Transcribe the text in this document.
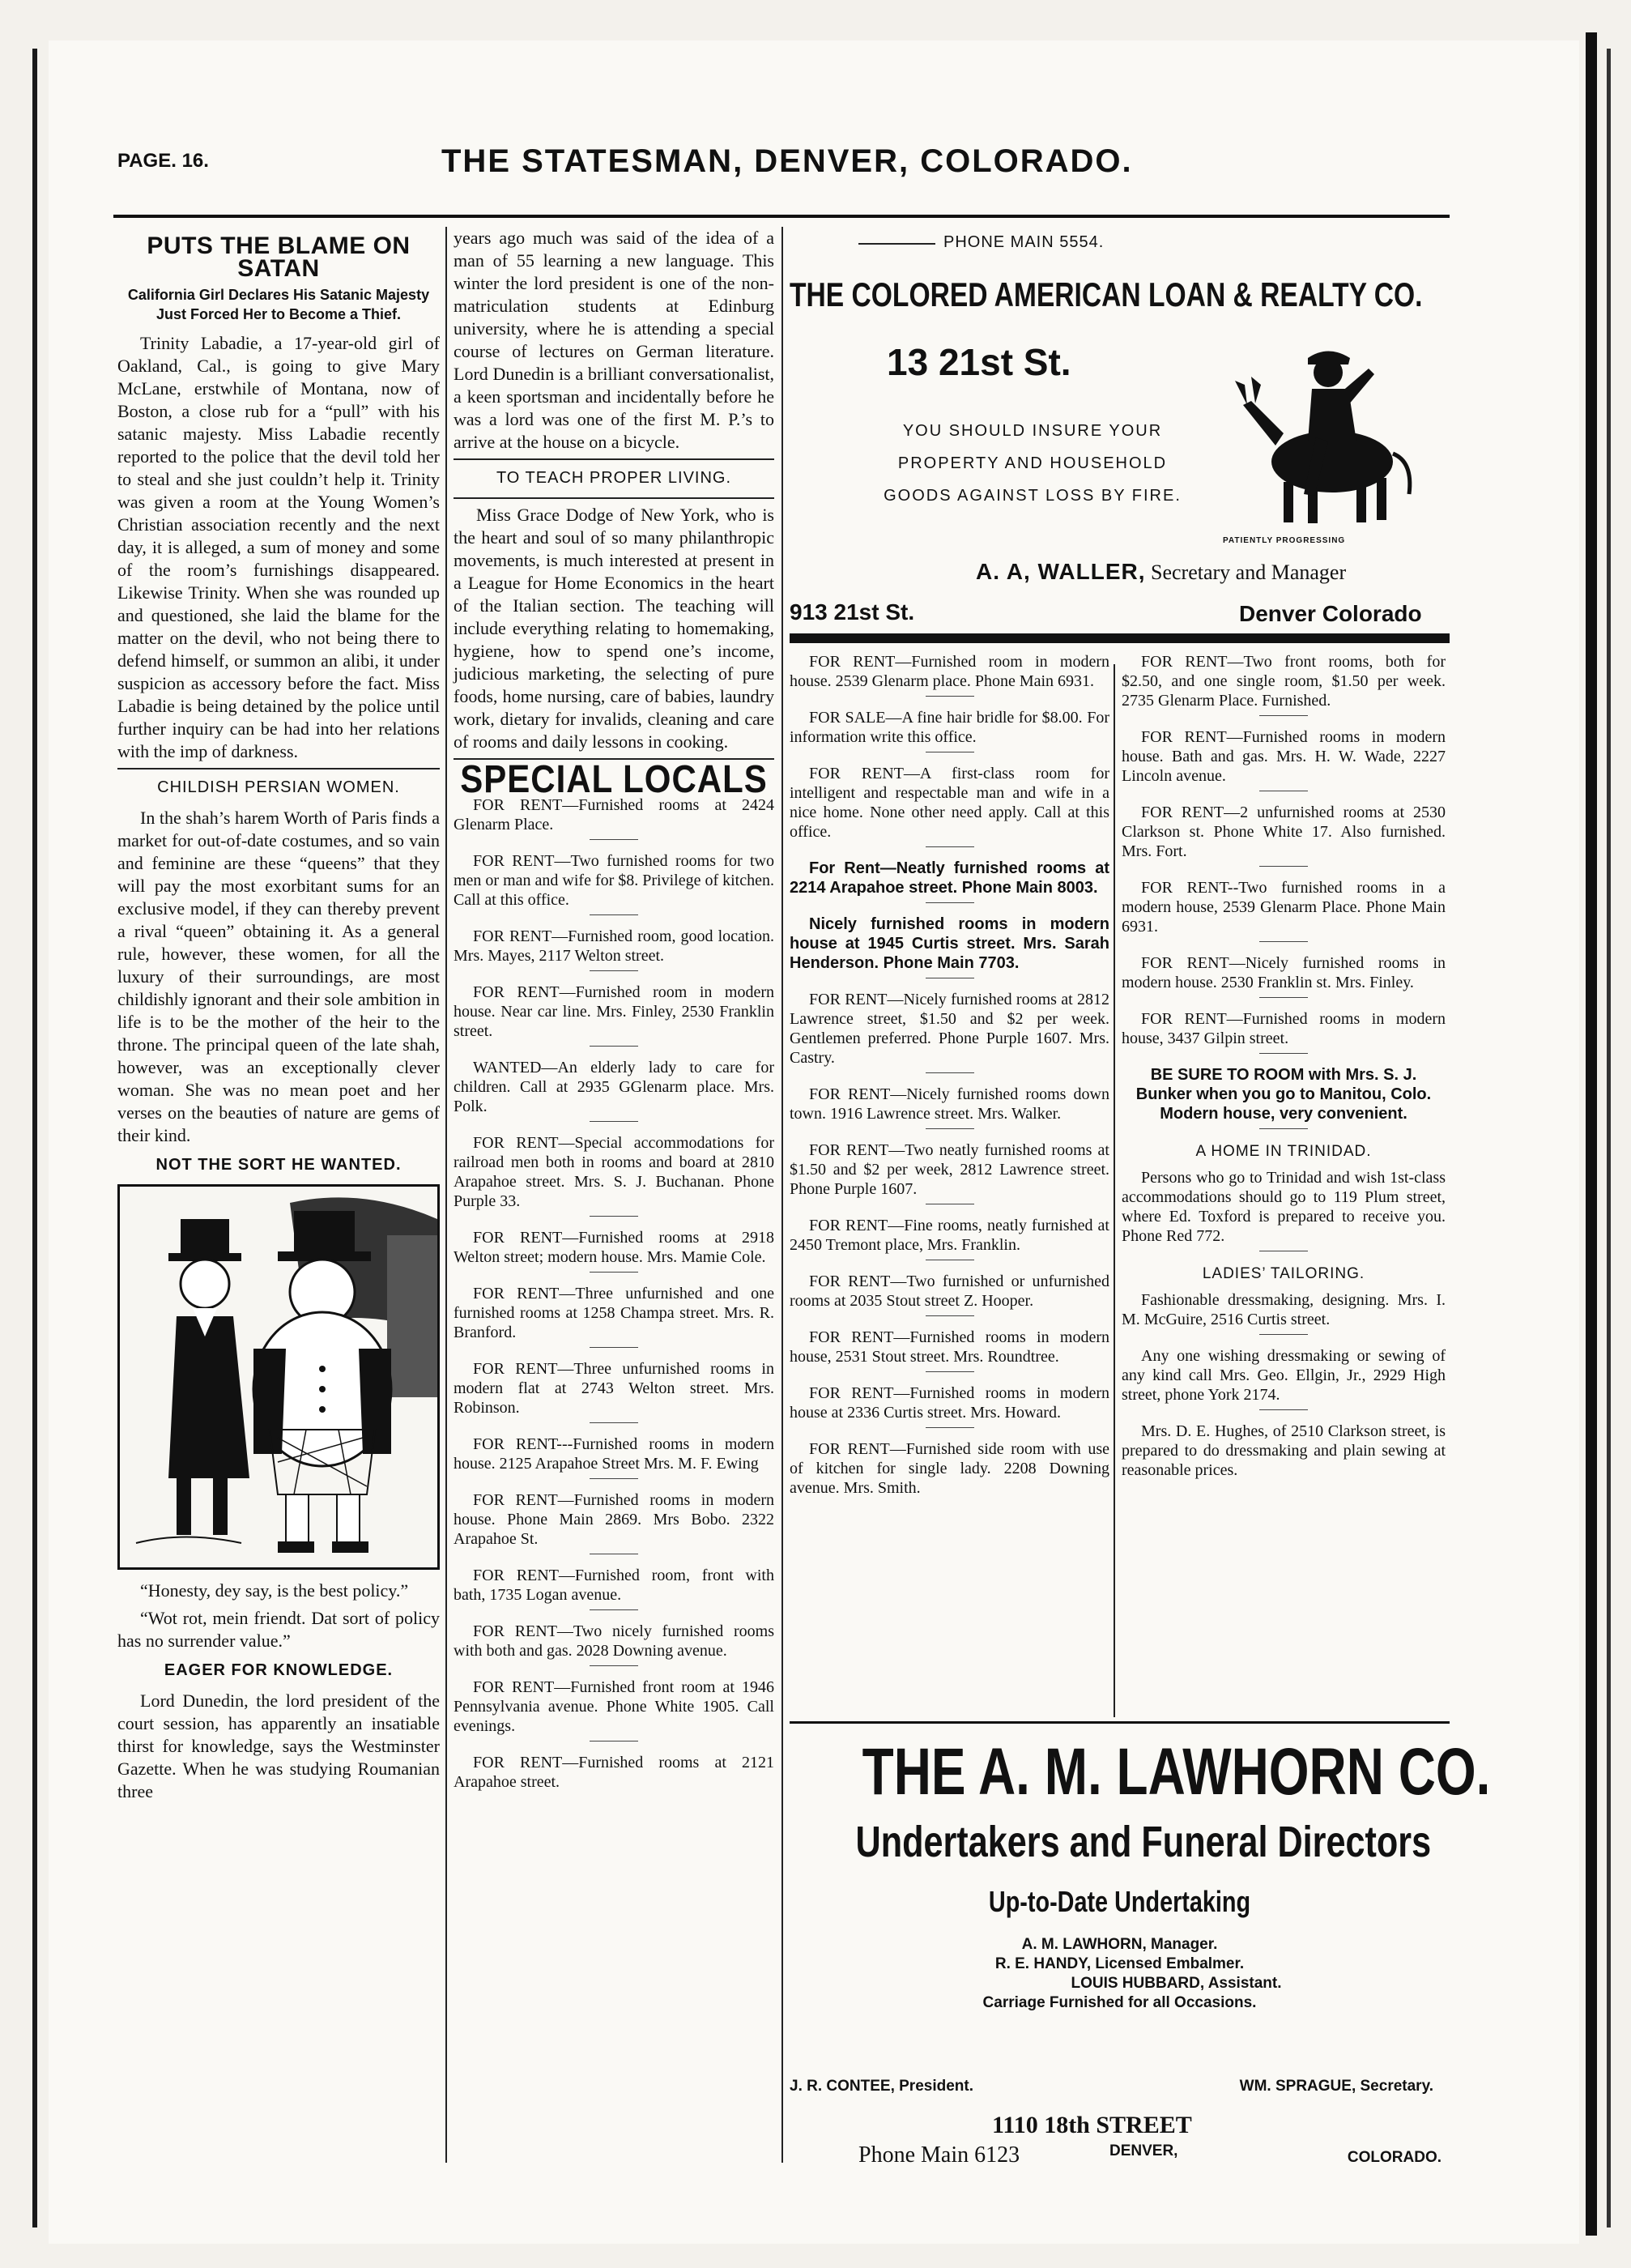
PAGE. 16.	THE STATESMAN, DENVER, COLORADO.
PUTS THE BLAME ON SATAN
California Girl Declares His Satanic Majesty Just Forced Her to Become a Thief.

Trinity Labadie, a 17-year-old girl of Oakland, Cal., is going to give Mary McLane, erstwhile of Montana, now of Boston, a close rub for a “pull” with his satanic majesty. Miss Labadie recently reported to the police that the devil told her to steal and she just couldn’t help it. Trinity was given a room at the Young Women’s Christian association recently and the next day, it is alleged, a sum of money and some of the room’s furnishings disappeared. Likewise Trinity. When she was rounded up and questioned, she laid the blame for the matter on the devil, who not being there to defend himself, or summon an alibi, it under suspicion as accessory before the fact. Miss Labadie is being detained by the police until further inquiry can be had into her relations with the imp of darkness.

CHILDISH PERSIAN WOMEN.

In the shah’s harem Worth of Paris finds a market for out-of-date costumes, and so vain and feminine are these “queens” that they will pay the most exorbitant sums for an exclusive model, if they can thereby prevent a rival “queen” obtaining it. As a general rule, however, these women, for all the luxury of their surroundings, are most childishly ignorant and their sole ambition in life is to be the mother of the heir to the throne. The principal queen of the late shah, however, was an exceptionally clever woman. She was no mean poet and her verses on the beauties of nature are gems of their kind.

NOT THE SORT HE WANTED.

“Honesty, dey say, is the best policy.”

“Wot rot, mein friendt. Dat sort of policy has no surrender value.”

EAGER FOR KNOWLEDGE.

Lord Dunedin, the lord president of the court session, has apparently an insatiable thirst for knowledge, says the Westminster Gazette. When he was studying Roumanian three

years ago much was said of the idea of a man of 55 learning a new language. This winter the lord president is one of the non-matriculation students at Edinburg university, where he is attending a special course of lectures on German literature. Lord Dunedin is a brilliant conversationalist, a keen sportsman and incidentally before he was a lord was one of the first M. P.’s to arrive at the house on a bicycle.

TO TEACH PROPER LIVING.

Miss Grace Dodge of New York, who is the heart and soul of so many philanthropic movements, is much interested at present in a League for Home Economics in the heart of the Italian section. The teaching will include everything relating to homemaking, hygiene, how to spend one’s income, judicious marketing, the selecting of pure foods, home nursing, care of babies, laundry work, dietary for invalids, cleaning and care of rooms and daily lessons in cooking.

SPECIAL LOCALS
FOR RENT—Furnished rooms at 2424 Glenarm Place.
FOR RENT—Two furnished rooms for two men or man and wife for $8. Privilege of kitchen. Call at this office.
FOR RENT—Furnished room, good location. Mrs. Mayes, 2117 Welton street.
FOR RENT—Furnished room in modern house. Near car line. Mrs. Finley, 2530 Franklin street.
WANTED—An elderly lady to care for children. Call at 2935 GGlenarm place. Mrs. Polk.
FOR RENT—Special accommodations for railroad men both in rooms and board at 2810 Arapahoe street. Mrs. S. J. Buchanan. Phone Purple 33.
FOR RENT—Furnished rooms at 2918 Welton street; modern house. Mrs. Mamie Cole.
FOR RENT—Three unfurnished and one furnished rooms at 1258 Champa street. Mrs. R. Branford.
FOR RENT—Three unfurnished rooms in modern flat at 2743 Welton street. Mrs. Robinson.
FOR RENT---Furnished rooms in modern house. 2125 Arapahoe Street Mrs. M. F. Ewing
FOR RENT—Furnished rooms in modern house. Phone Main 2869. Mrs Bobo. 2322 Arapahoe St.
FOR RENT—Furnished room, front with bath, 1735 Logan avenue.
FOR RENT—Two nicely furnished rooms with both and gas. 2028 Downing avenue.
FOR RENT—Furnished front room at 1946 Pennsylvania avenue. Phone White 1905. Call evenings.
FOR RENT—Furnished rooms at 2121 Arapahoe street.
PHONE MAIN 5554.
THE COLORED AMERICAN LOAN & REALTY CO.
13 21st St.
YOU SHOULD INSURE YOUR
PROPERTY AND HOUSEHOLD
GOODS AGAINST LOSS BY FIRE.
PATIENTLY PROGRESSING
A. A, WALLER, Secretary and Manager
913 21st St.	Denver Colorado
FOR RENT—Furnished room in modern house. 2539 Glenarm place. Phone Main 6931.
FOR SALE—A fine hair bridle for $8.00. For information write this office.
FOR RENT—A first-class room for intelligent and respectable man and wife in a nice home. None other need apply. Call at this office.
For Rent—Neatly furnished rooms at 2214 Arapahoe street. Phone Main 8003.
Nicely furnished rooms in modern house at 1945 Curtis street. Mrs. Sarah Henderson. Phone Main 7703.
FOR RENT—Nicely furnished rooms at 2812 Lawrence street, $1.50 and $2 per week. Gentlemen preferred. Phone Purple 1607. Mrs. Castry.
FOR RENT—Nicely furnished rooms down town. 1916 Lawrence street. Mrs. Walker.
FOR RENT—Two neatly furnished rooms at $1.50 and $2 per week, 2812 Lawrence street. Phone Purple 1607.
FOR RENT—Fine rooms, neatly furnished at 2450 Tremont place, Mrs. Franklin.
FOR RENT—Two furnished or unfurnished rooms at 2035 Stout street Z. Hooper.
FOR RENT—Furnished rooms in modern house, 2531 Stout street. Mrs. Roundtree.
FOR RENT—Furnished rooms in modern house at 2336 Curtis street. Mrs. Howard.
FOR RENT—Furnished side room with use of kitchen for single lady. 2208 Downing avenue. Mrs. Smith.
FOR RENT—Two front rooms, both for $2.50, and one single room, $1.50 per week. 2735 Glenarm Place. Furnished.
FOR RENT—Furnished rooms in modern house. Bath and gas. Mrs. H. W. Wade, 2227 Lincoln avenue.
FOR RENT—2 unfurnished rooms at 2530 Clarkson st. Phone White 17. Also furnished. Mrs. Fort.
FOR RENT--Two furnished rooms in a modern house, 2539 Glenarm Place. Phone Main 6931.
FOR RENT—Nicely furnished rooms in modern house. 2530 Franklin st. Mrs. Finley.
FOR RENT—Furnished rooms in modern house, 3437 Gilpin street.
BE SURE TO ROOM with Mrs. S. J. Bunker when you go to Manitou, Colo. Modern house, very convenient.
A HOME IN TRINIDAD.
Persons who go to Trinidad and wish 1st-class accommodations should go to 119 Plum street, where Ed. Toxford is prepared to receive you. Phone Red 772.
LADIES’ TAILORING.
Fashionable dressmaking, designing. Mrs. I. M. McGuire, 2516 Curtis street.
Any one wishing dressmaking or sewing of any kind call Mrs. Geo. Ellgin, Jr., 2929 High street, phone York 2174.
Mrs. D. E. Hughes, of 2510 Clarkson street, is prepared to do dressmaking and plain sewing at reasonable prices.
THE A. M. LAWHORN CO.
Undertakers and Funeral Directors
Up-to-Date Undertaking
A. M. LAWHORN, Manager.
R. E. HANDY, Licensed Embalmer.
LOUIS HUBBARD, Assistant.
Carriage Furnished for all Occasions.
J. R. CONTEE, President.	WM. SPRAGUE, Secretary.
1110 18th STREET
Phone Main 6123	DENVER,	COLORADO.
